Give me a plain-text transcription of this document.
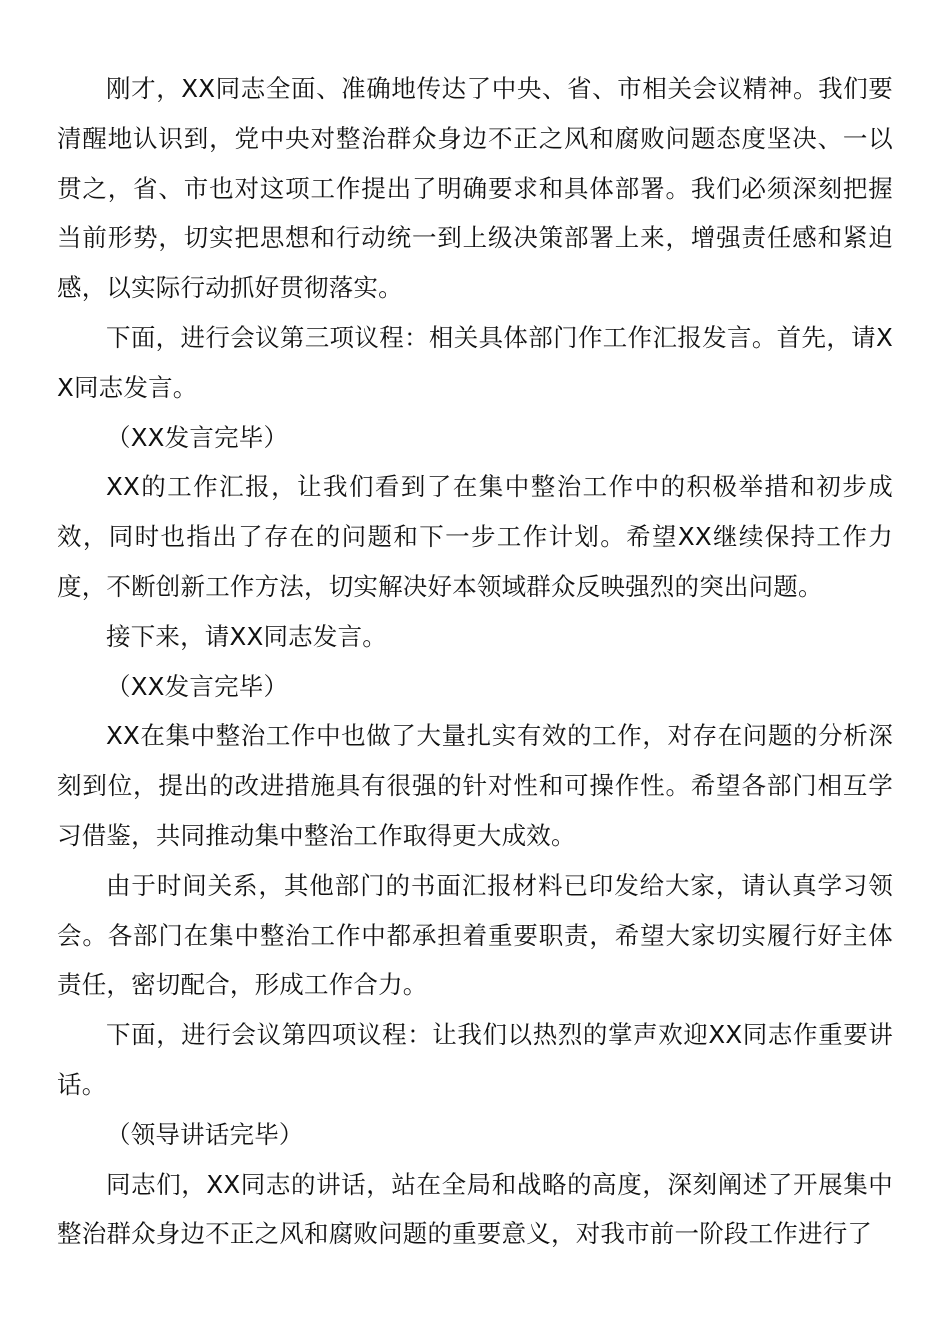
刚才，XX同志全面、准确地传达了中央、省、市相关会议精神。我们要清醒地认识到，党中央对整治群众身边不正之风和腐败问题态度坚决、一以贯之，省、市也对这项工作提出了明确要求和具体部署。我们必须深刻把握当前形势，切实把思想和行动统一到上级决策部署上来，增强责任感和紧迫感，以实际行动抓好贯彻落实。

下面，进行会议第三项议程：相关具体部门作工作汇报发言。首先，请XX同志发言。

（XX发言完毕）

XX的工作汇报，让我们看到了在集中整治工作中的积极举措和初步成效，同时也指出了存在的问题和下一步工作计划。希望XX继续保持工作力度，不断创新工作方法，切实解决好本领域群众反映强烈的突出问题。

接下来，请XX同志发言。

（XX发言完毕）

XX在集中整治工作中也做了大量扎实有效的工作，对存在问题的分析深刻到位，提出的改进措施具有很强的针对性和可操作性。希望各部门相互学习借鉴，共同推动集中整治工作取得更大成效。

由于时间关系，其他部门的书面汇报材料已印发给大家，请认真学习领会。各部门在集中整治工作中都承担着重要职责，希望大家切实履行好主体责任，密切配合，形成工作合力。

下面，进行会议第四项议程：让我们以热烈的掌声欢迎XX同志作重要讲话。

（领导讲话完毕）

同志们，XX同志的讲话，站在全局和战略的高度，深刻阐述了开展集中整治群众身边不正之风和腐败问题的重要意义，对我市前一阶段工作进行了
